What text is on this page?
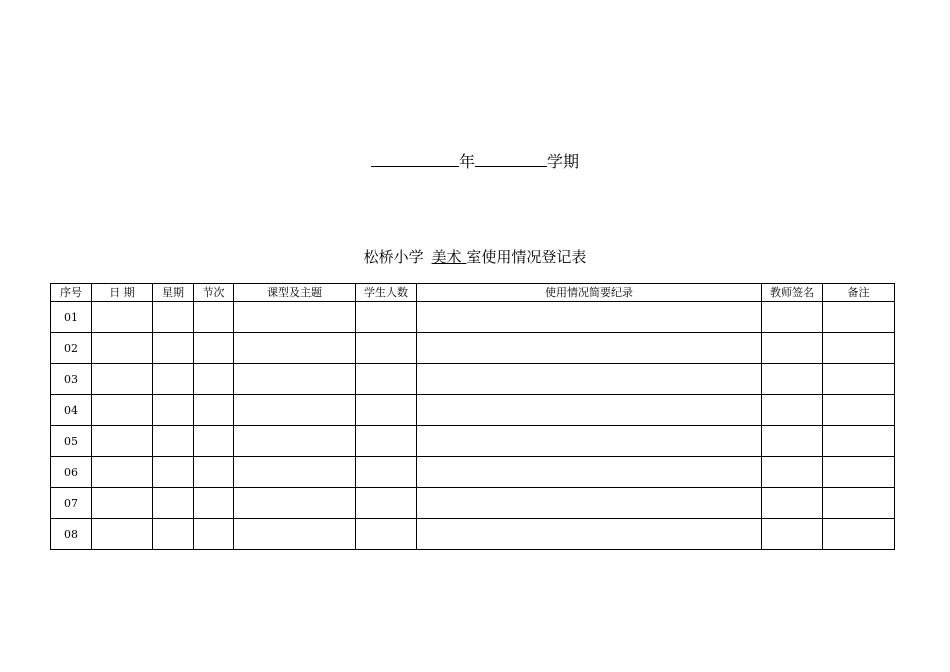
年	学期
松桥小学 美术 室使用情况登记表
序号	日 期	星期	节次	课型及主题	学生人数	使用情况简要纪录	教师签名	备注
01								
02								
03								
04								
05								
06								
07								
08								
